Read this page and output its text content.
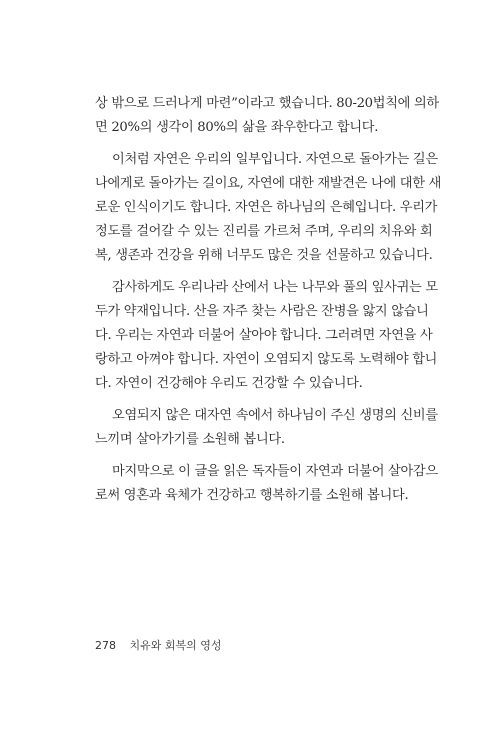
상 밖으로 드러나게 마련”이라고 했습니다. 80-20법칙에 의하
면 20%의 생각이 80%의 삶을 좌우한다고 합니다.
이처럼 자연은 우리의 일부입니다. 자연으로 돌아가는 길은
나에게로 돌아가는 길이요, 자연에 대한 재발견은 나에 대한 새
로운 인식이기도 합니다. 자연은 하나님의 은혜입니다. 우리가
정도를 걸어갈 수 있는 진리를 가르쳐 주며, 우리의 치유와 회
복, 생존과 건강을 위해 너무도 많은 것을 선물하고 있습니다.
감사하게도 우리나라 산에서 나는 나무와 풀의 잎사귀는 모
두가 약재입니다. 산을 자주 찾는 사람은 잔병을 앓지 않습니
다. 우리는 자연과 더불어 살아야 합니다. 그러려면 자연을 사
랑하고 아껴야 합니다. 자연이 오염되지 않도록 노력해야 합니
다. 자연이 건강해야 우리도 건강할 수 있습니다.
오염되지 않은 대자연 속에서 하나님이 주신 생명의 신비를
느끼며 살아가기를 소원해 봅니다.
마지막으로 이 글을 읽은 독자들이 자연과 더불어 살아감으
로써 영혼과 육체가 건강하고 행복하기를 소원해 봅니다.
278 치유와 회복의 영성
